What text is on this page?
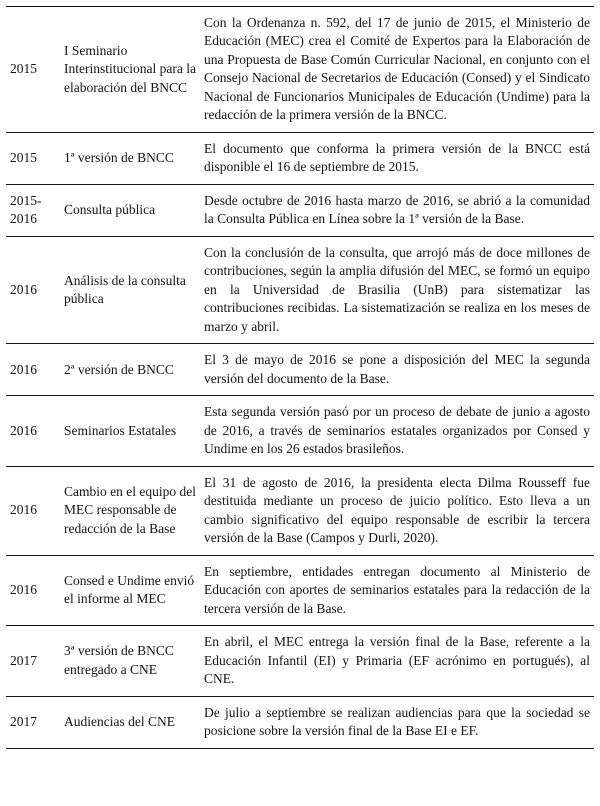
2015	I Seminario Interinstitucional para la elaboración del BNCC	Con la Ordenanza n. 592, del 17 de junio de 2015, el Ministerio de Educación (MEC) crea el Comité de Expertos para la Elaboración de una Propuesta de Base Común Curricular Nacional, en conjunto con el Consejo Nacional de Secretarios de Educación (Consed) y el Sindicato Nacional de Funcionarios Municipales de Educación (Undime) para la redacción de la primera versión de la BNCC.
2015	1ª versión de BNCC	El documento que conforma la primera versión de la BNCC está disponible el 16 de septiembre de 2015.
2015-2016	Consulta pública	Desde octubre de 2016 hasta marzo de 2016, se abrió a la comunidad la Consulta Pública en Línea sobre la 1ª versión de la Base.
2016	Análisis de la consulta pública	Con la conclusión de la consulta, que arrojó más de doce millones de contribuciones, según la amplia difusión del MEC, se formó un equipo en la Universidad de Brasilia (UnB) para sistematizar las contribuciones recibidas. La sistematización se realiza en los meses de marzo y abril.
2016	2ª versión de BNCC	El 3 de mayo de 2016 se pone a disposición del MEC la segunda versión del documento de la Base.
2016	Seminarios Estatales	Esta segunda versión pasó por un proceso de debate de junio a agosto de 2016, a través de seminarios estatales organizados por Consed y Undime en los 26 estados brasileños.
2016	Cambio en el equipo del MEC responsable de redacción de la Base	El 31 de agosto de 2016, la presidenta electa Dilma Rousseff fue destituida mediante un proceso de juicio político. Esto lleva a un cambio significativo del equipo responsable de escribir la tercera versión de la Base (Campos y Durli, 2020).
2016	Consed e Undime envió el informe al MEC	En septiembre, entidades entregan documento al Ministerio de Educación con aportes de seminarios estatales para la redacción de la tercera versión de la Base.
2017	3ª versión de BNCC entregado a CNE	En abril, el MEC entrega la versión final de la Base, referente a la Educación Infantil (EI) y Primaria (EF acrónimo en portugués), al CNE.
2017	Audiencias del CNE	De julio a septiembre se realizan audiencias para que la sociedad se posicione sobre la versión final de la Base EI e EF.
